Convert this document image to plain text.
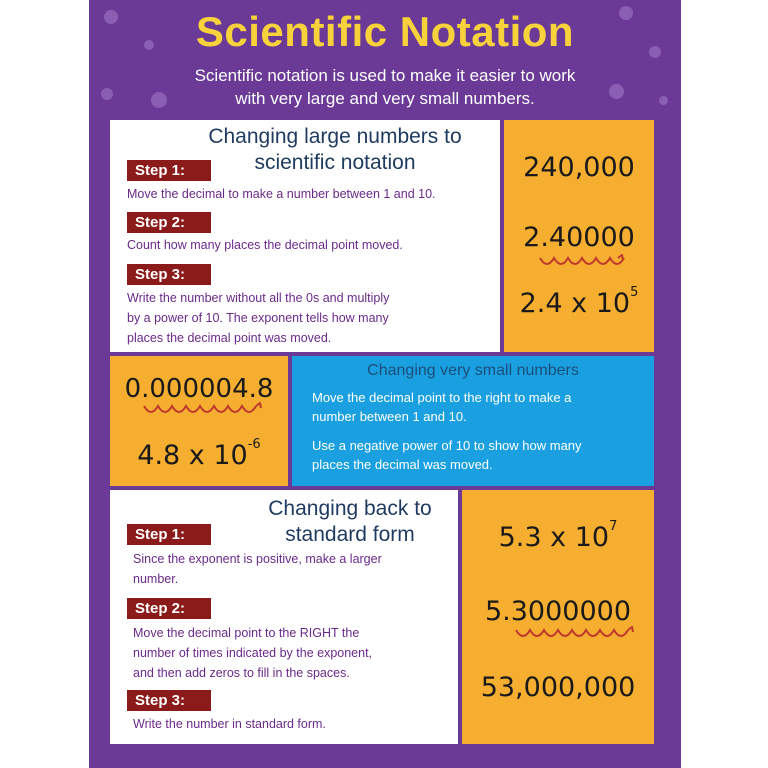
Scientific Notation
Scientific notation is used to make it easier to work
with very large and very small numbers.
Changing large numbers to
scientific notation
Step 1:
Move the decimal to make a number between 1 and 10.
Step 2:
Count how many places the decimal point moved.
Step 3:
Write the number without all the 0s and multiply
by a power of 10. The exponent tells how many
places the decimal point was moved.
240,000
2.40000
2.4 x $10^5$
0.000004.8
4.8 x $10^{-6}$
Changing very small numbers
Move the decimal point to the right to make a
number between 1 and 10.
Use a negative power of 10 to show how many
places the decimal was moved.
Changing back to
standard form
Step 1:
Since the exponent is positive, make a larger
number.
Step 2:
Move the decimal point to the RIGHT the
number of times indicated by the exponent,
and then add zeros to fill in the spaces.
Step 3:
Write the number in standard form.
5.3 x $10^7$
5.3000000
53,000,000
